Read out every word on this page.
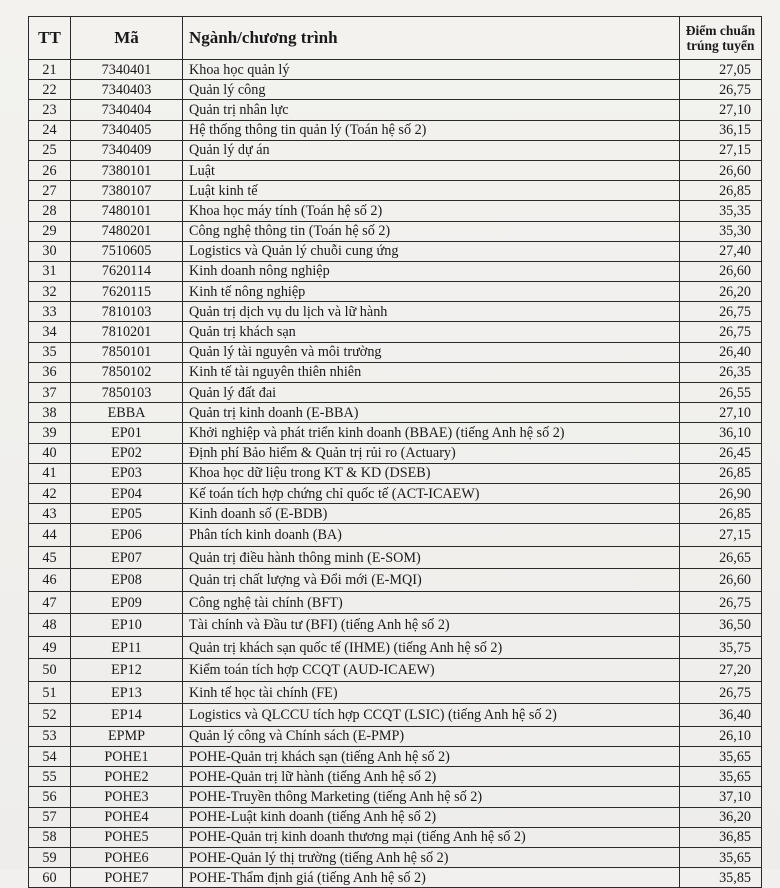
TT	Mã	Ngành/chương trình	Điểm chuẩn
trúng tuyển

21	7340401	Khoa học quản lý	27,05
22	7340403	Quản lý công	26,75
23	7340404	Quản trị nhân lực	27,10
24	7340405	Hệ thống thông tin quản lý (Toán hệ số 2)	36,15
25	7340409	Quản lý dự án	27,15
26	7380101	Luật	26,60
27	7380107	Luật kinh tế	26,85
28	7480101	Khoa học máy tính (Toán hệ số 2)	35,35
29	7480201	Công nghệ thông tin (Toán hệ số 2)	35,30
30	7510605	Logistics và Quản lý chuỗi cung ứng	27,40
31	7620114	Kinh doanh nông nghiệp	26,60
32	7620115	Kinh tế nông nghiệp	26,20
33	7810103	Quản trị dịch vụ du lịch và lữ hành	26,75
34	7810201	Quản trị khách sạn	26,75
35	7850101	Quản lý tài nguyên và môi trường	26,40
36	7850102	Kinh tế tài nguyên thiên nhiên	26,35
37	7850103	Quản lý đất đai	26,55
38	EBBA	Quản trị kinh doanh (E-BBA)	27,10
39	EP01	Khởi nghiệp và phát triển kinh doanh (BBAE) (tiếng Anh hệ số 2)	36,10
40	EP02	Định phí Bảo hiểm & Quản trị rủi ro (Actuary)	26,45
41	EP03	Khoa học dữ liệu trong KT & KD (DSEB)	26,85
42	EP04	Kế toán tích hợp chứng chỉ quốc tế (ACT-ICAEW)	26,90
43	EP05	Kinh doanh số (E-BDB)	26,85
44	EP06	Phân tích kinh doanh (BA)	27,15
45	EP07	Quản trị điều hành thông minh (E-SOM)	26,65
46	EP08	Quản trị chất lượng và Đổi mới (E-MQI)	26,60
47	EP09	Công nghệ tài chính (BFT)	26,75
48	EP10	Tài chính và Đầu tư (BFI) (tiếng Anh hệ số 2)	36,50
49	EP11	Quản trị khách sạn quốc tế (IHME) (tiếng Anh hệ số 2)	35,75
50	EP12	Kiểm toán tích hợp CCQT (AUD-ICAEW)	27,20
51	EP13	Kinh tế học tài chính (FE)	26,75
52	EP14	Logistics và QLCCU tích hợp CCQT (LSIC) (tiếng Anh hệ số 2)	36,40
53	EPMP	Quản lý công và Chính sách (E-PMP)	26,10
54	POHE1	POHE-Quản trị khách sạn (tiếng Anh hệ số 2)	35,65
55	POHE2	POHE-Quản trị lữ hành (tiếng Anh hệ số 2)	35,65
56	POHE3	POHE-Truyền thông Marketing (tiếng Anh hệ số 2)	37,10
57	POHE4	POHE-Luật kinh doanh (tiếng Anh hệ số 2)	36,20
58	POHE5	POHE-Quản trị kinh doanh thương mại (tiếng Anh hệ số 2)	36,85
59	POHE6	POHE-Quản lý thị trường (tiếng Anh hệ số 2)	35,65
60	POHE7	POHE-Thẩm định giá (tiếng Anh hệ số 2)	35,85
